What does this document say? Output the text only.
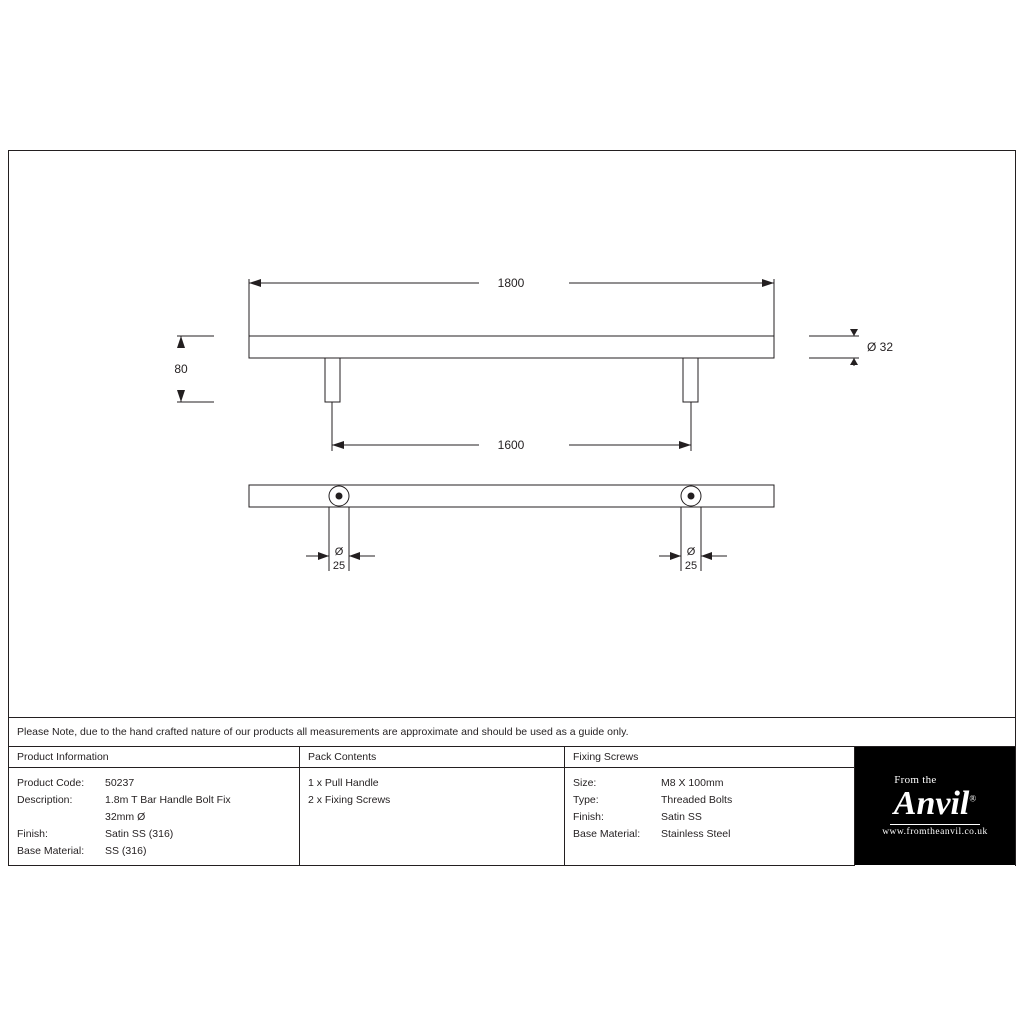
1800
80
Ø 32
1600
Ø
25
Ø
25
Please Note, due to the hand crafted nature of our products all measurements are approximate and should be used as a guide only.
Product Information
Product Code:	50237
Description:	1.8m T Bar Handle Bolt Fix
32mm Ø
Finish:	Satin SS (316)
Base Material:	SS (316)
Pack Contents
1 x Pull Handle
2 x Fixing Screws
Fixing Screws
Size:	M8 X 100mm
Type:	Threaded Bolts
Finish:	Satin SS
Base Material:	Stainless Steel
From the
Anvil®
www.fromtheanvil.co.uk
